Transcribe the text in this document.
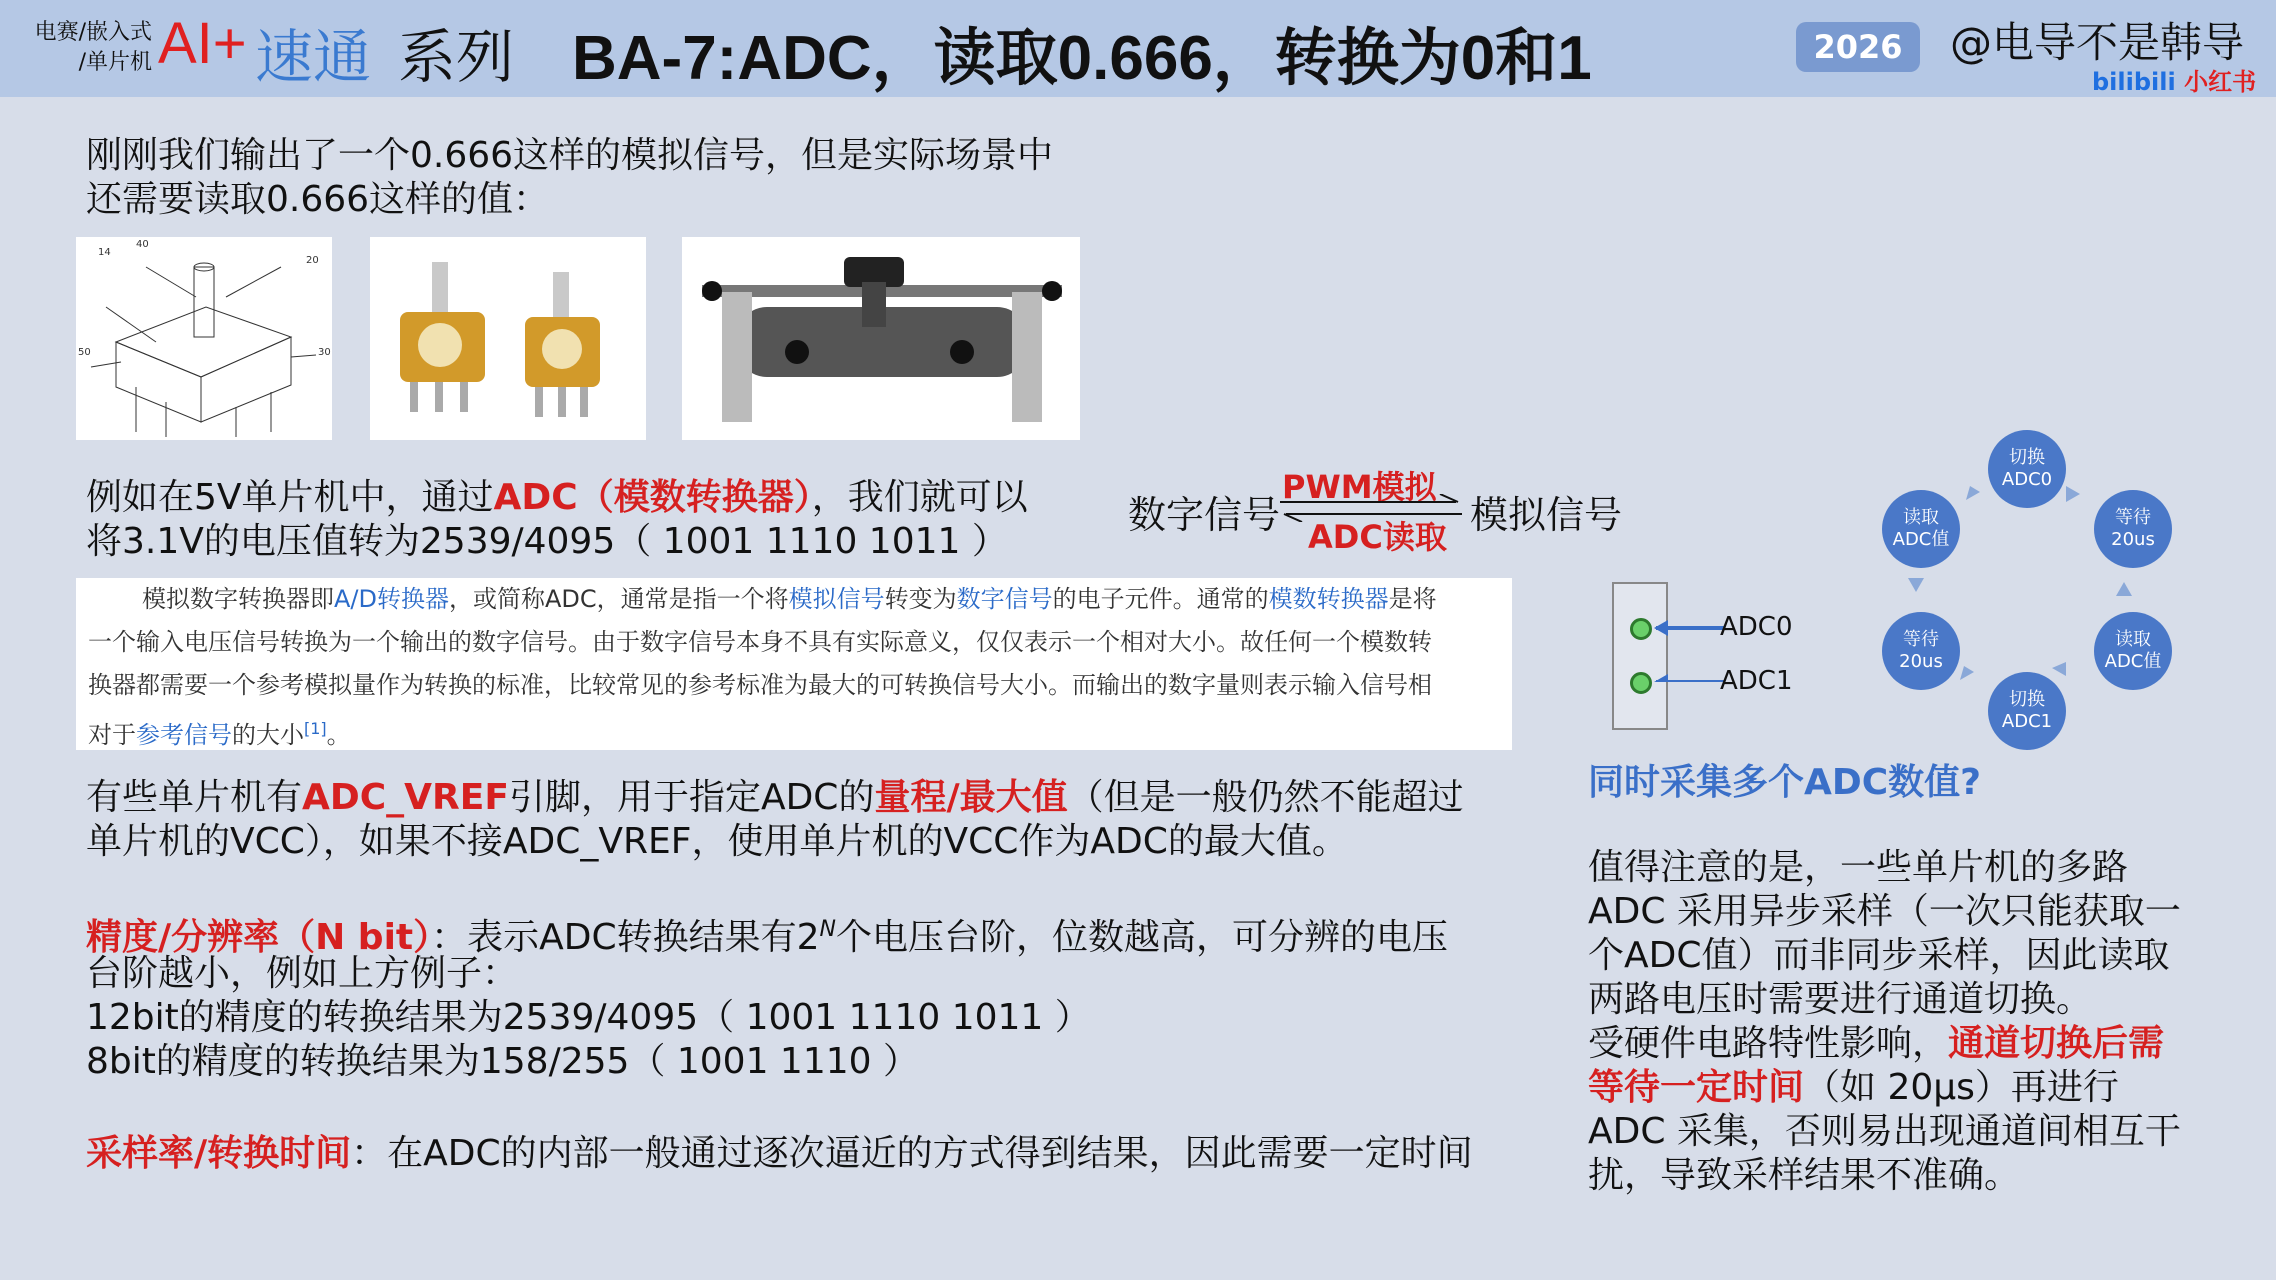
电赛/嵌入式
/单片机 AI+ 速通 系列 BA-7:ADC，读取0.666，转换为0和1	2026	@电导不是韩导
bilibili 小红书
刚刚我们输出了一个0.666这样的模拟信号，但是实际场景中
还需要读取0.666这样的值：
14
40
20
50	30
例如在5V单片机中，通过ADC（模数转换器），我们就可以
将3.1V的电压值转为2539/4095（ 1001 1110 1011 ）
数字信号
PWM模拟
ADC读取 模拟信号
模拟数字转换器即A/D转换器，或简称ADC，通常是指一个将模拟信号转变为数字信号的电子元件。通常的模数转换器是将
一个输入电压信号转换为一个输出的数字信号。由于数字信号本身不具有实际意义，仅仅表示一个相对大小。故任何一个模数转
换器都需要一个参考模拟量作为转换的标准，比较常见的参考标准为最大的可转换信号大小。而输出的数字量则表示输入信号相
对于参考信号的大小[1]。
有些单片机有ADC_VREF引脚，用于指定ADC的量程/最大值（但是一般仍然不能超过
单片机的VCC），如果不接ADC_VREF，使用单片机的VCC作为ADC的最大值。
精度/分辨率（N bit）：表示ADC转换结果有$2^N$个电压台阶，位数越高，可分辨的电压
台阶越小，例如上方例子：
12bit的精度的转换结果为2539/4095（ 1001 1110 1011 ）
8bit的精度的转换结果为158/255（ 1001 1110 ）
采样率/转换时间：在ADC的内部一般通过逐次逼近的方式得到结果，因此需要一定时间
ADC0
ADC1
切换
ADC0
等待
20us
读取
ADC值
切换
ADC1
等待
20us
读取
ADC值
同时采集多个ADC数值?
值得注意的是，一些单片机的多路
ADC 采用异步采样（一次只能获取一
个ADC值）而非同步采样，因此读取
两路电压时需要进行通道切换。
受硬件电路特性影响，通道切换后需
等待一定时间（如 20μs）再进行
ADC 采集，否则易出现通道间相互干
扰，导致采样结果不准确。
